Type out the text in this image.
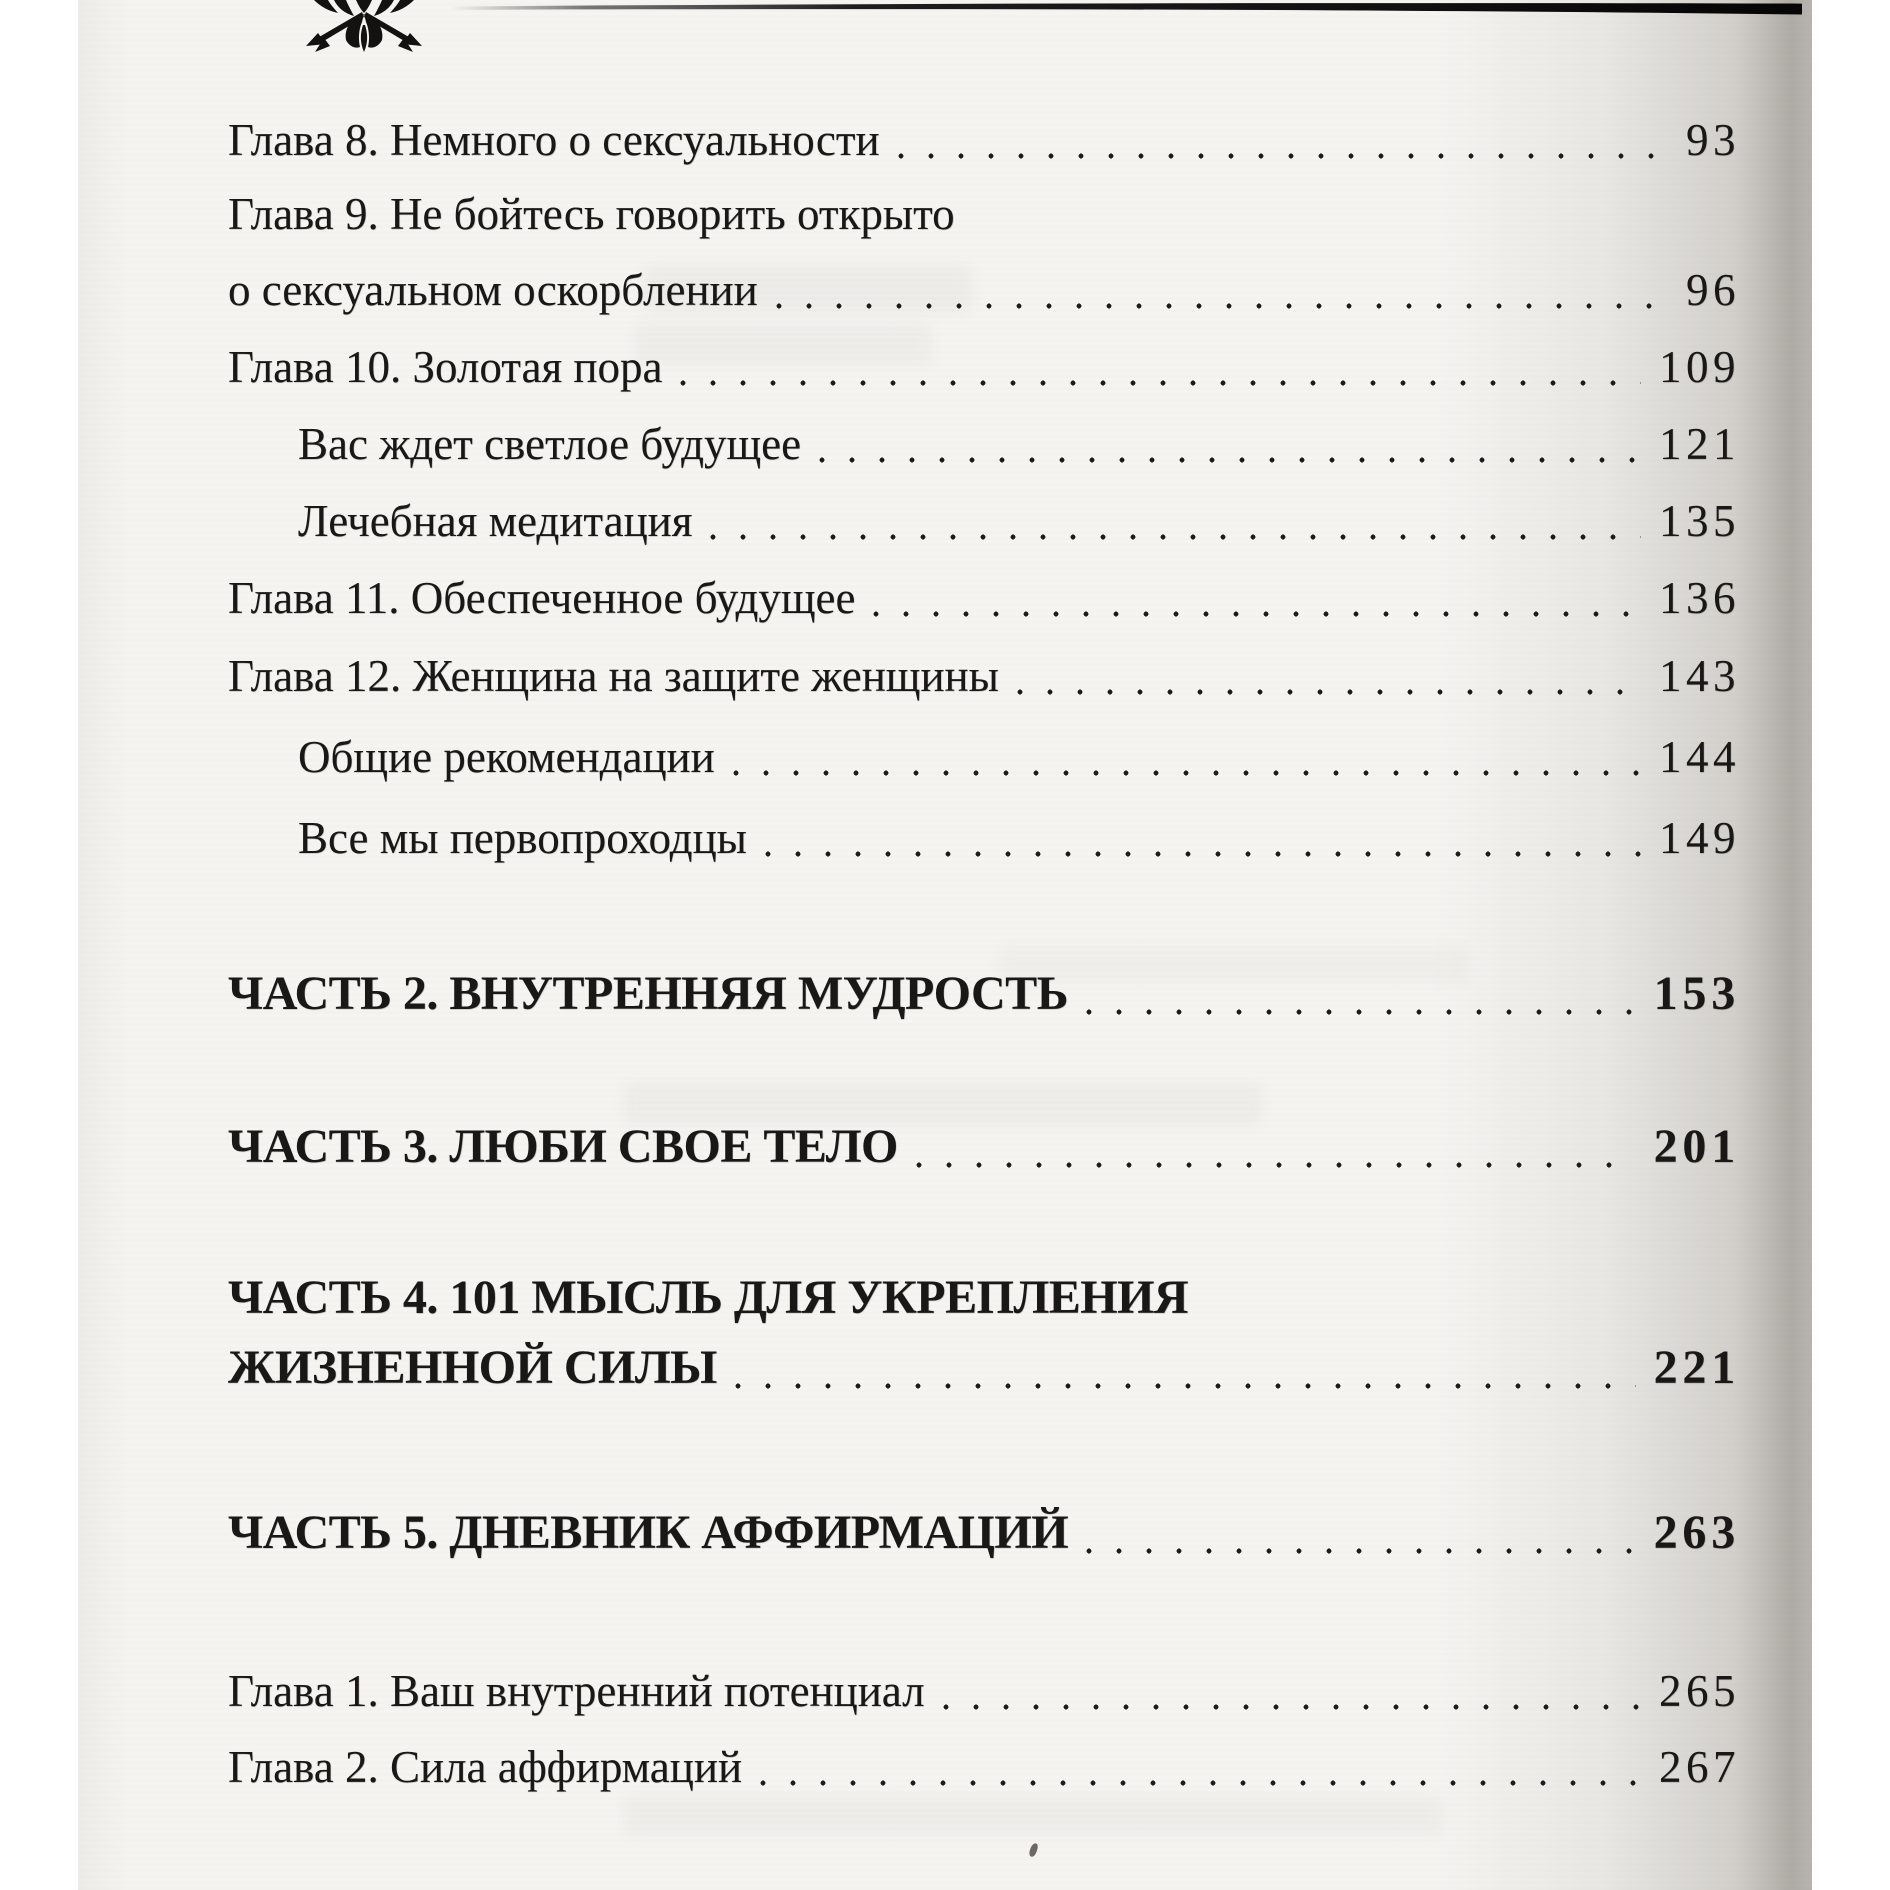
Глава 8. Немного о сексуальности	93
Глава 9. Не бойтесь говорить открыто
о сексуальном оскорблении	96
Глава 10. Золотая пора	109
Вас ждет светлое будущее	121
Лечебная медитация	135
Глава 11. Обеспеченное будущее	136
Глава 12. Женщина на защите женщины	143
Общие рекомендации	144
Все мы первопроходцы	149
ЧАСТЬ 2. ВНУТРЕННЯЯ МУДРОСТЬ	153
ЧАСТЬ 3. ЛЮБИ СВОЕ ТЕЛО	201
ЧАСТЬ 4. 101 МЫСЛЬ ДЛЯ УКРЕПЛЕНИЯ
ЖИЗНЕННОЙ СИЛЫ	221
ЧАСТЬ 5. ДНЕВНИК АФФИРМАЦИЙ	263
Глава 1. Ваш внутренний потенциал	265
Глава 2. Сила аффирмаций	267
